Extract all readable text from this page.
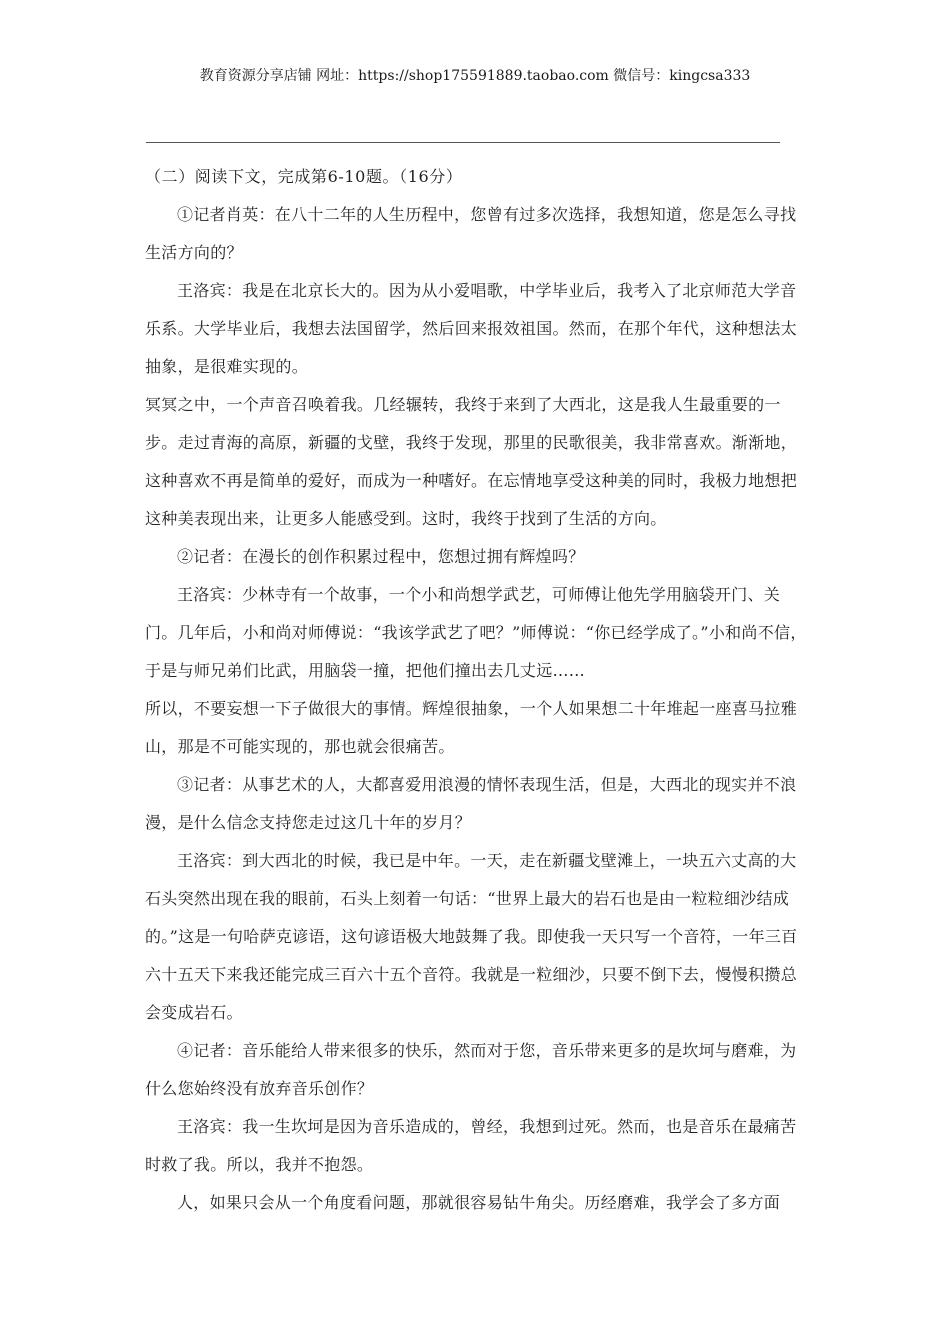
教育资源分享店铺 网址：https://shop175591889.taobao.com 微信号：kingcsa333

（二）阅读下文，完成第6-10题。（16分）

①记者肖英：在八十二年的人生历程中，您曾有过多次选择，我想知道，您是怎么寻找生活方向的？

王洛宾：我是在北京长大的。因为从小爱唱歌，中学毕业后，我考入了北京师范大学音乐系。大学毕业后，我想去法国留学，然后回来报效祖国。然而，在那个年代，这种想法太抽象，是很难实现的。

冥冥之中，一个声音召唤着我。几经辗转，我终于来到了大西北，这是我人生最重要的一步。走过青海的高原，新疆的戈壁，我终于发现，那里的民歌很美，我非常喜欢。渐渐地，这种喜欢不再是简单的爱好，而成为一种嗜好。在忘情地享受这种美的同时，我极力地想把这种美表现出来，让更多人能感受到。这时，我终于找到了生活的方向。

②记者：在漫长的创作积累过程中，您想过拥有辉煌吗？

王洛宾：少林寺有一个故事，一个小和尚想学武艺，可师傅让他先学用脑袋开门、关门。几年后，小和尚对师傅说：“我该学武艺了吧？”师傅说：“你已经学成了。”小和尚不信，于是与师兄弟们比武，用脑袋一撞，把他们撞出去几丈远……

所以，不要妄想一下子做很大的事情。辉煌很抽象，一个人如果想二十年堆起一座喜马拉雅山，那是不可能实现的，那也就会很痛苦。

③记者：从事艺术的人，大都喜爱用浪漫的情怀表现生活，但是，大西北的现实并不浪漫，是什么信念支持您走过这几十年的岁月？

王洛宾：到大西北的时候，我已是中年。一天，走在新疆戈壁滩上，一块五六丈高的大石头突然出现在我的眼前，石头上刻着一句话：“世界上最大的岩石也是由一粒粒细沙结成的。”这是一句哈萨克谚语，这句谚语极大地鼓舞了我。即使我一天只写一个音符，一年三百六十五天下来我还能完成三百六十五个音符。我就是一粒细沙，只要不倒下去，慢慢积攒总会变成岩石。

④记者：音乐能给人带来很多的快乐，然而对于您，音乐带来更多的是坎坷与磨难，为什么您始终没有放弃音乐创作？

王洛宾：我一生坎坷是因为音乐造成的，曾经，我想到过死。然而，也是音乐在最痛苦时救了我。所以，我并不抱怨。

人，如果只会从一个角度看问题，那就很容易钻牛角尖。历经磨难，我学会了多方面
